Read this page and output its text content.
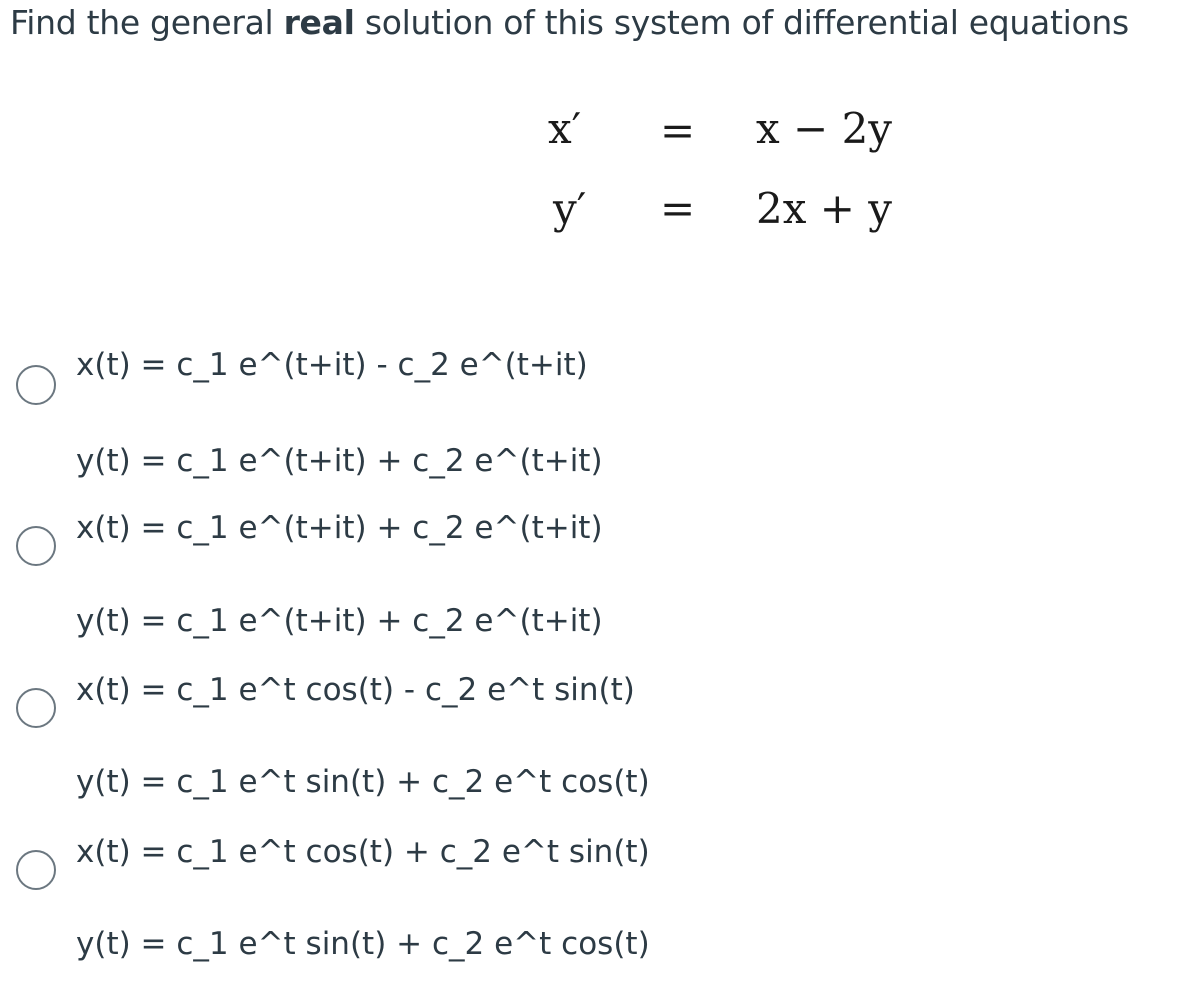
Find the general real solution of this system of differential equations
x′ = x − 2y
y′ = 2x + y
x(t) = c_1 e^(t+it) - c_2 e^(t+it)
y(t) = c_1 e^(t+it) + c_2 e^(t+it)
x(t) = c_1 e^(t+it) + c_2 e^(t+it)
y(t) = c_1 e^(t+it) + c_2 e^(t+it)
x(t) = c_1 e^t cos(t) - c_2 e^t sin(t)
y(t) = c_1 e^t sin(t) + c_2 e^t cos(t)
x(t) = c_1 e^t cos(t) + c_2 e^t sin(t)
y(t) = c_1 e^t sin(t) + c_2 e^t cos(t)
